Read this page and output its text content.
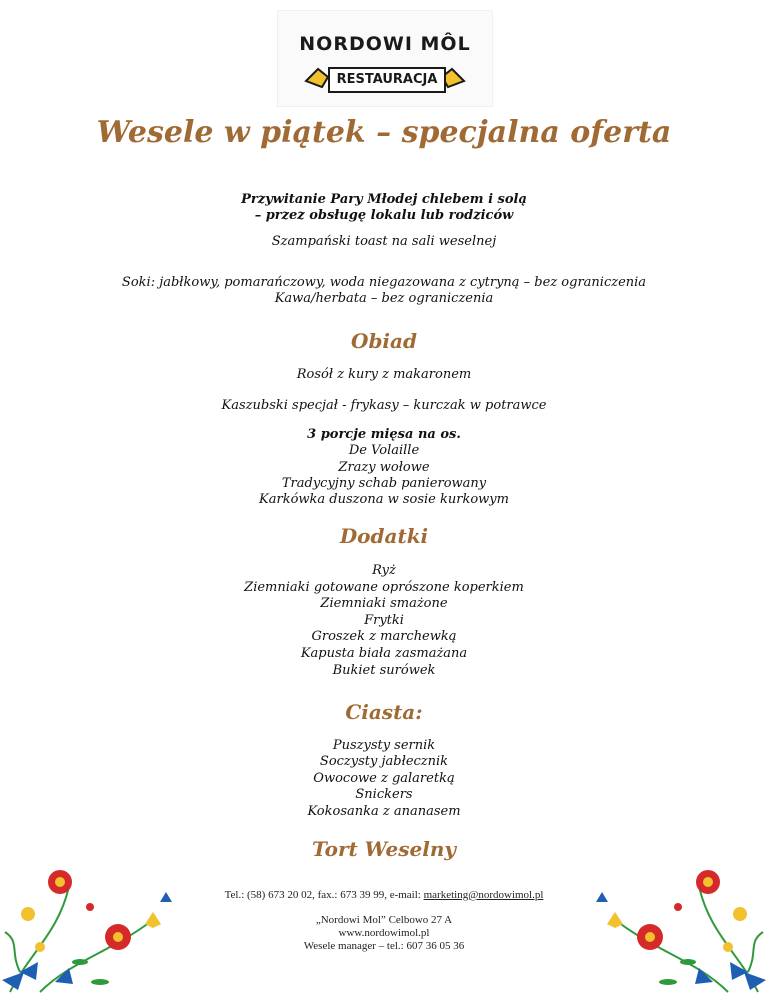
NORDOWI MÔL
RESTAURACJA
Wesele w piątek – specjalna oferta
Przywitanie Pary Młodej chlebem i solą
– przez obsługę lokalu lub rodziców
Szampański toast na sali weselnej
Soki: jabłkowy, pomarańczowy, woda niegazowana z cytryną – bez ograniczenia
Kawa/herbata – bez ograniczenia
Obiad
Rosół z kury z makaronem
Kaszubski specjał - frykasy – kurczak w potrawce
3 porcje mięsa na os.
De Volaille
Zrazy wołowe
Tradycyjny schab panierowany
Karkówka duszona w sosie kurkowym
Dodatki
Ryż
Ziemniaki gotowane oprószone koperkiem
Ziemniaki smażone
Frytki
Groszek z marchewką
Kapusta biała zasmażana
Bukiet surówek
Ciasta:
Puszysty sernik
Soczysty jabłecznik
Owocowe z galaretką
Snickers
Kokosanka z ananasem
Tort Weselny
Tel.: (58) 673 20 02, fax.: 673 39 99, e-mail: marketing@nordowimol.pl
„Nordowi Mol” Celbowo 27 A
www.nordowimol.pl
Wesele manager – tel.: 607 36 05 36
